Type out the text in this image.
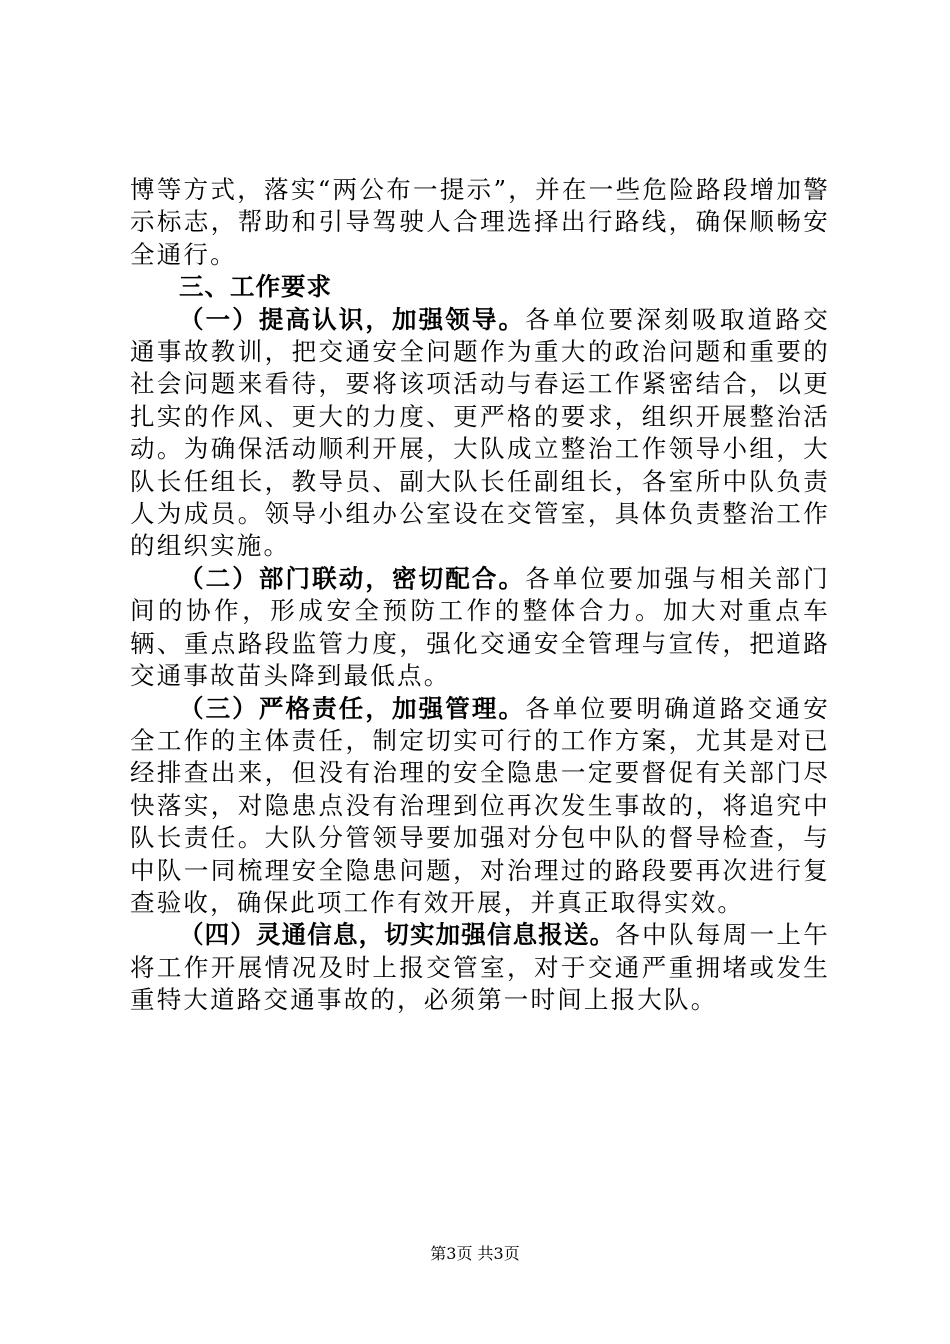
博等方式，落实“两公布一提示”，并在一些危险路段增加警示标志，帮助和引导驾驶人合理选择出行路线，确保顺畅安全通行。

三、工作要求

（一）提高认识，加强领导。各单位要深刻吸取道路交通事故教训，把交通安全问题作为重大的政治问题和重要的社会问题来看待，要将该项活动与春运工作紧密结合，以更扎实的作风、更大的力度、更严格的要求，组织开展整治活动。为确保活动顺利开展，大队成立整治工作领导小组，大队长任组长，教导员、副大队长任副组长，各室所中队负责人为成员。领导小组办公室设在交管室，具体负责整治工作的组织实施。

（二）部门联动，密切配合。各单位要加强与相关部门间的协作，形成安全预防工作的整体合力。加大对重点车辆、重点路段监管力度，强化交通安全管理与宣传，把道路交通事故苗头降到最低点。

（三）严格责任，加强管理。各单位要明确道路交通安全工作的主体责任，制定切实可行的工作方案，尤其是对已经排查出来，但没有治理的安全隐患一定要督促有关部门尽快落实，对隐患点没有治理到位再次发生事故的，将追究中队长责任。大队分管领导要加强对分包中队的督导检查，与中队一同梳理安全隐患问题，对治理过的路段要再次进行复查验收，确保此项工作有效开展，并真正取得实效。

（四）灵通信息，切实加强信息报送。各中队每周一上午将工作开展情况及时上报交管室，对于交通严重拥堵或发生重特大道路交通事故的，必须第一时间上报大队。

第3页 共3页
